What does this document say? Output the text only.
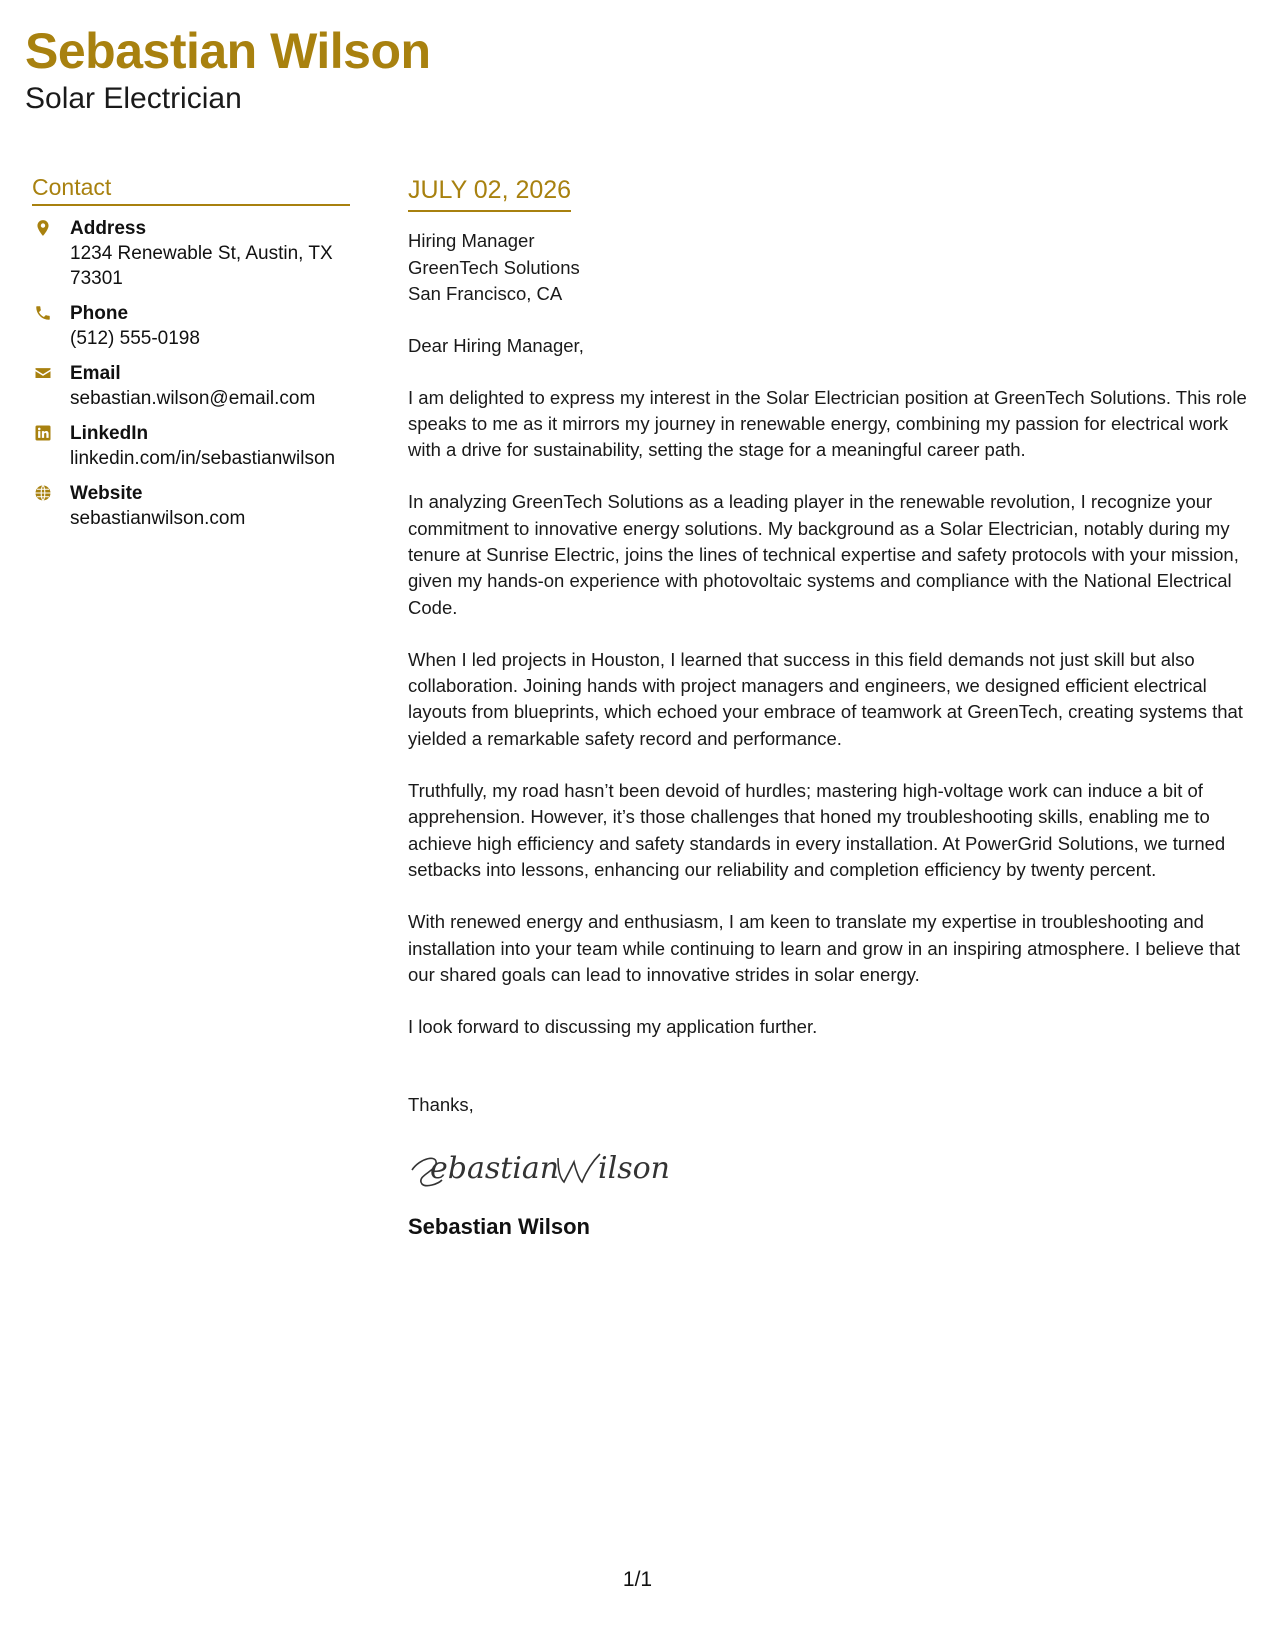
Sebastian Wilson
Solar Electrician
Contact
Address
1234 Renewable St, Austin, TX 73301
Phone
(512) 555-0198
Email
sebastian.wilson@email.com
LinkedIn
linkedin.com/in/sebastianwilson
Website
sebastianwilson.com
JULY 02, 2026
Hiring Manager
GreenTech Solutions
San Francisco, CA
Dear Hiring Manager,
I am delighted to express my interest in the Solar Electrician position at GreenTech Solutions. This role speaks to me as it mirrors my journey in renewable energy, combining my passion for electrical work with a drive for sustainability, setting the stage for a meaningful career path.
In analyzing GreenTech Solutions as a leading player in the renewable revolution, I recognize your commitment to innovative energy solutions. My background as a Solar Electrician, notably during my tenure at Sunrise Electric, joins the lines of technical expertise and safety protocols with your mission, given my hands-on experience with photovoltaic systems and compliance with the National Electrical Code.
When I led projects in Houston, I learned that success in this field demands not just skill but also collaboration. Joining hands with project managers and engineers, we designed efficient electrical layouts from blueprints, which echoed your embrace of teamwork at GreenTech, creating systems that yielded a remarkable safety record and performance.
Truthfully, my road hasn’t been devoid of hurdles; mastering high-voltage work can induce a bit of apprehension. However, it’s those challenges that honed my troubleshooting skills, enabling me to achieve high efficiency and safety standards in every installation. At PowerGrid Solutions, we turned setbacks into lessons, enhancing our reliability and completion efficiency by twenty percent.
With renewed energy and enthusiasm, I am keen to translate my expertise in troubleshooting and installation into your team while continuing to learn and grow in an inspiring atmosphere. I believe that our shared goals can lead to innovative strides in solar energy.
I look forward to discussing my application further.
Thanks,
ebastian ilson
Sebastian Wilson
1/1
